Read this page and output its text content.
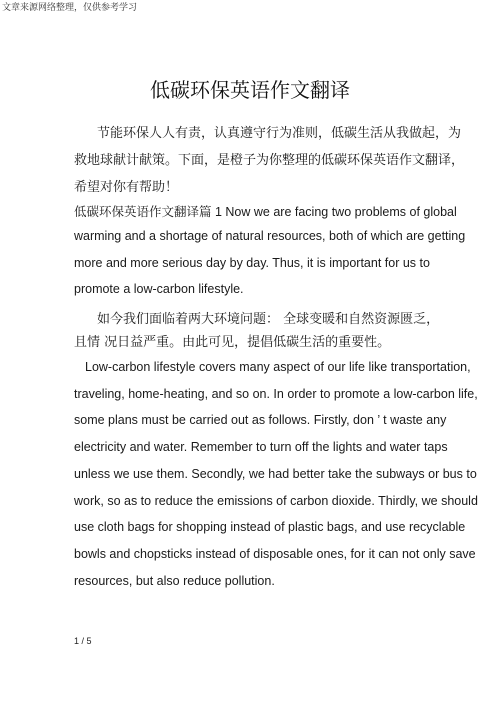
文章来源网络整理，仅供参考学习
低碳环保英语作文翻译
节能环保人人有责，认真遵守行为准则，低碳生活从我做起，为
救地球献计献策。下面，是橙子为你整理的低碳环保英语作文翻译，
希望对你有帮助！
低碳环保英语作文翻译篇 1 Now we are facing two problems of global
warming and a shortage of natural resources, both of which are getting
more and more serious day by day. Thus, it is important for us to
promote a low-carbon lifestyle.
如今我们面临着两大环境问题： 全球变暖和自然资源匮乏，
且情 况日益严重。由此可见，提倡低碳生活的重要性。
Low-carbon lifestyle covers many aspect of our life like transportation,
traveling, home-heating, and so on. In order to promote a low-carbon life,
some plans must be carried out as follows. Firstly, don ’ t waste any
electricity and water. Remember to turn off the lights and water taps
unless we use them. Secondly, we had better take the subways or bus to
work, so as to reduce the emissions of carbon dioxide. Thirdly, we should
use cloth bags for shopping instead of plastic bags, and use recyclable
bowls and chopsticks instead of disposable ones, for it can not only save
resources, but also reduce pollution.
1 / 5
